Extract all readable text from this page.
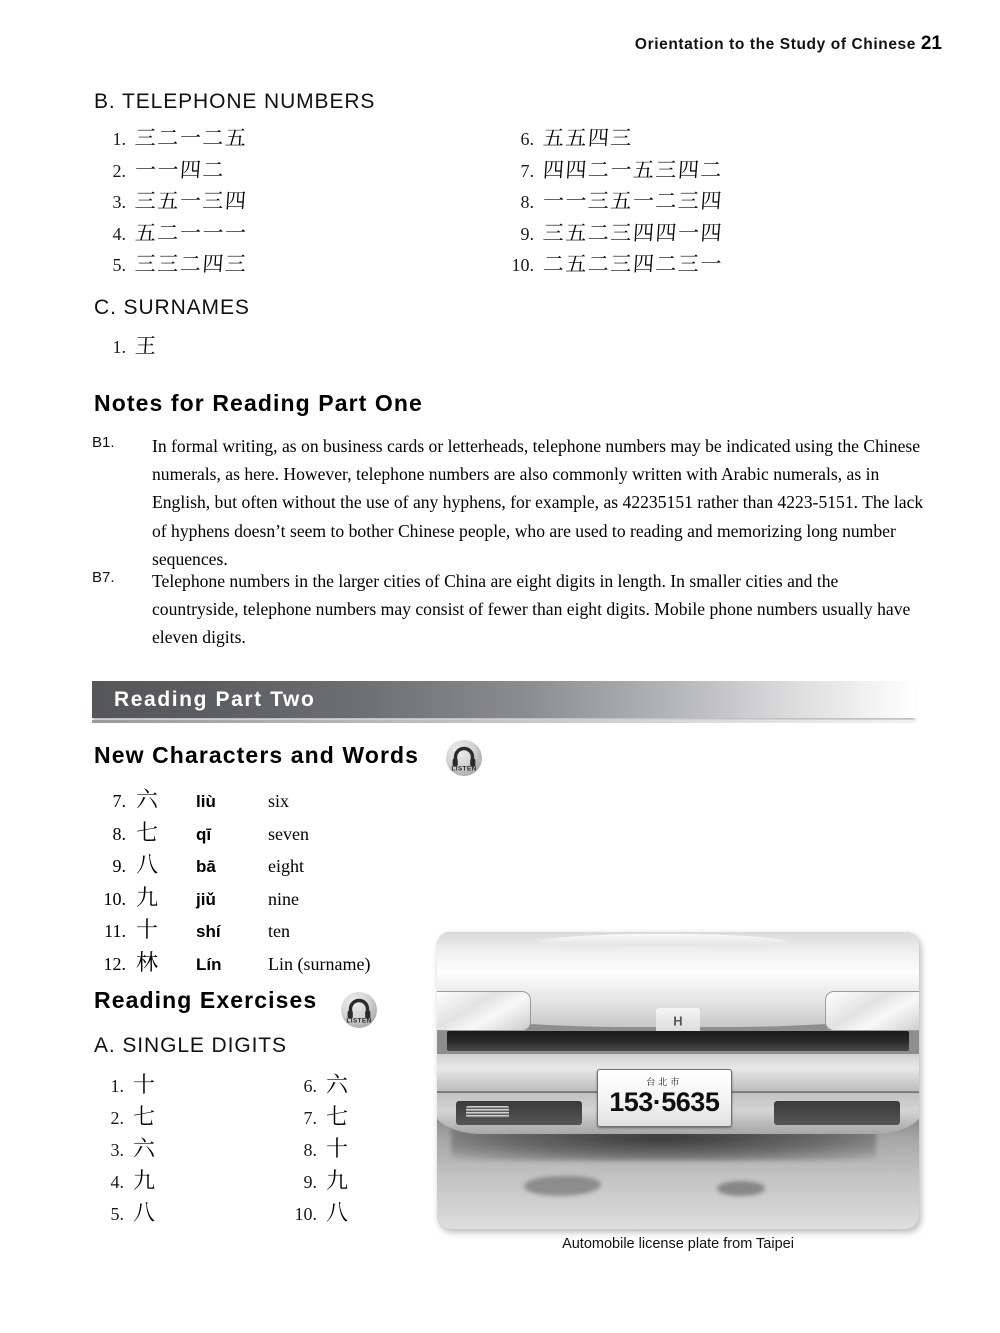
Orientation to the Study of Chinese 21
B. TELEPHONE NUMBERS
1. 三二一二五
2. 一一四二
3. 三五一三四
4. 五二一一一
5. 三三二四三
6. 五五四三
7. 四四二一五三四二
8. 一一三五一二三四
9. 三五二三四四一四
10. 二五二三四二三一
C. SURNAMES
1. 王
Notes for Reading Part One
B1.	In formal writing, as on business cards or letterheads, telephone numbers may be indicated using the Chinese numerals, as here. However, telephone numbers are also commonly written with Arabic numerals, as in English, but often without the use of any hyphens, for example, as 42235151 rather than 4223-5151. The lack of hyphens doesn’t seem to bother Chinese people, who are used to reading and memorizing long number sequences.
B7.	Telephone numbers in the larger cities of China are eight digits in length. In smaller cities and the countryside, telephone numbers may consist of fewer than eight digits. Mobile phone numbers usually have eleven digits.
Reading Part Two
New Characters and Words
LISTEN
7. 六	liù	six
8. 七	qī	seven
9. 八	bā	eight
10. 九	jiǔ	nine
11. 十	shí	ten
12. 林	Lín	Lin (surname)
Reading Exercises
LISTEN
A. SINGLE DIGITS
1. 十
2. 七
3. 六
4. 九
5. 八
6. 六
7. 七
8. 十
9. 九
10. 八
H
台北市
153·5635
Automobile license plate from Taipei
